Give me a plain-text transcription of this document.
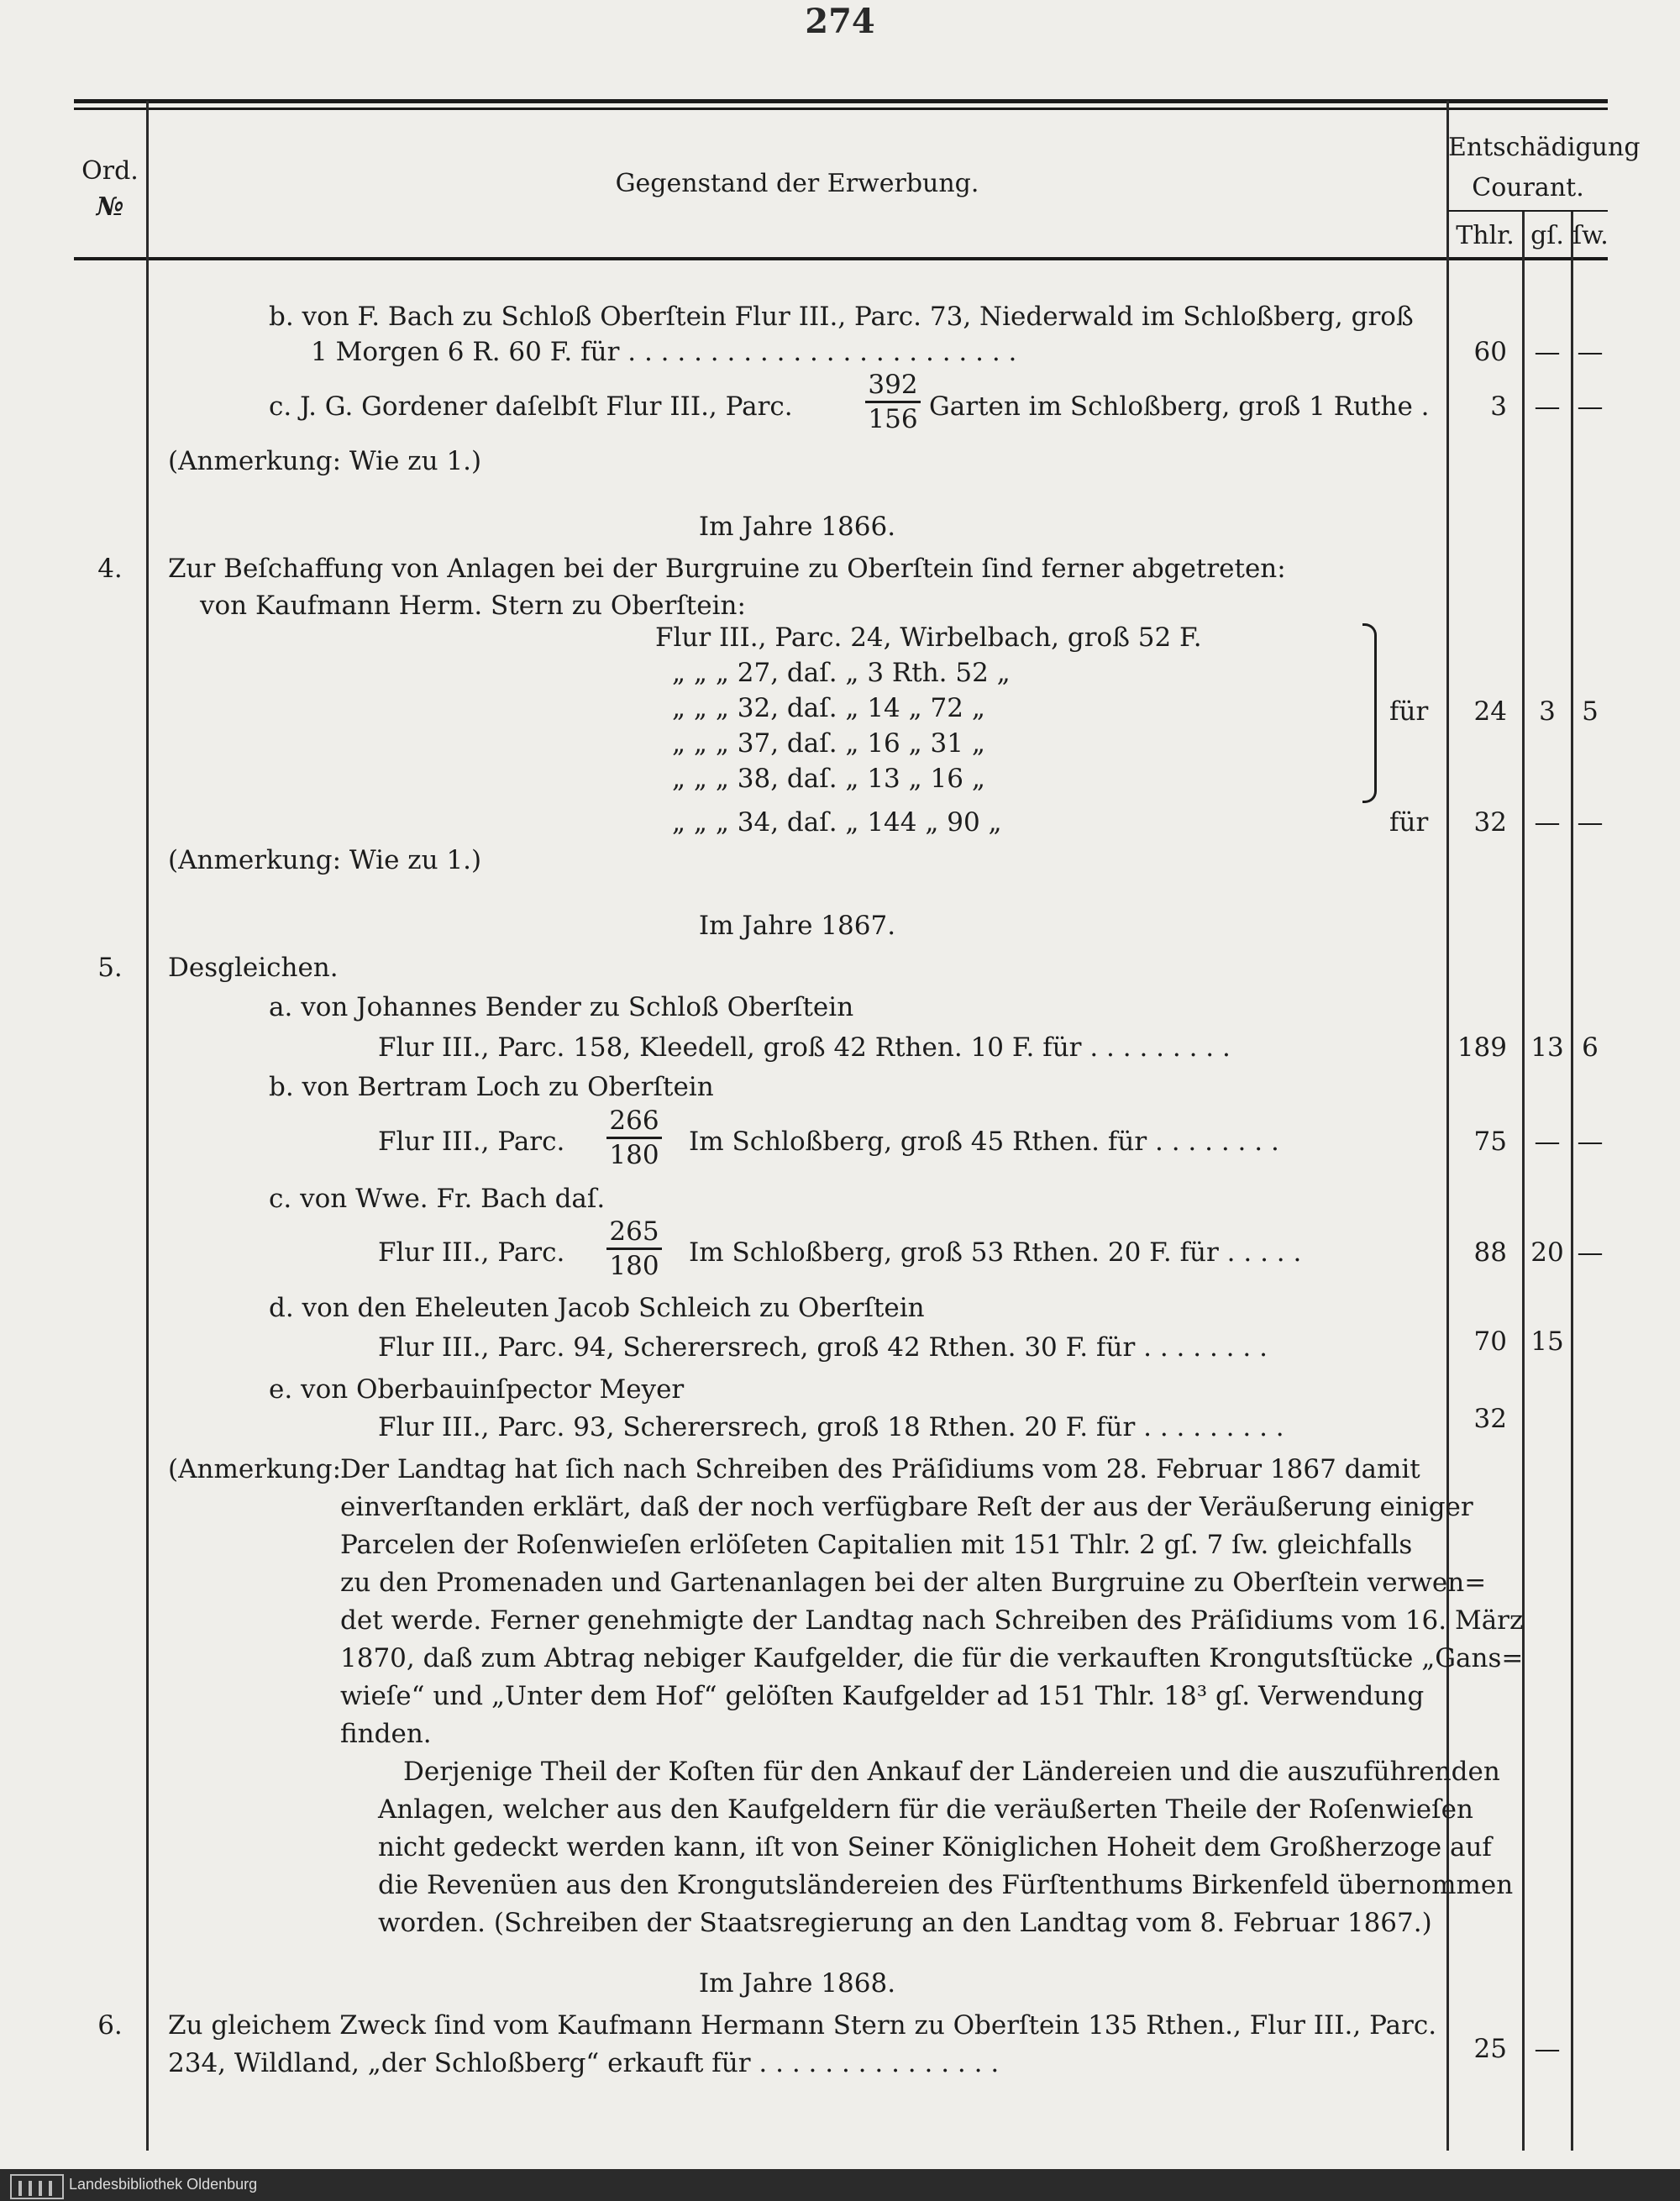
274
Ord.
№
Gegenstand der Erwerbung.
Entschädigung
Courant.
Thlr. gſ. ſw.
b. von F. Bach zu Schloß Oberſtein Flur III., Parc. 73, Niederwald im Schloßberg, groß
1 Morgen 6 R. 60 F. für . . . . . . . . . . . . . . . . . . . . . . . .	60	— —
c. J. G. Gordener daſelbſt Flur III., Parc.
392
156 Garten im Schloßberg, groß 1 Ruthe .	3	— —
(Anmerkung: Wie zu 1.)
Im Jahre 1866.
4.	Zur Beſchaffung von Anlagen bei der Burgruine zu Oberſtein ſind ferner abgetreten:
von Kaufmann Herm. Stern zu Oberſtein:
Flur III., Parc. 24, Wirbelbach, groß 52 F.
„ „ „ 27, daſ. „ 3 Rth. 52 „
„ „ „ 32, daſ. „ 14 „ 72 „
„ „ „ 37, daſ. „ 16 „ 31 „
„ „ „ 38, daſ. „ 13 „ 16 „
für	24	3	5
„ „ „ 34, daſ. „ 144 „ 90 „	für	32	— —
(Anmerkung: Wie zu 1.)
Im Jahre 1867.
5.	Desgleichen.
a. von Johannes Bender zu Schloß Oberſtein
Flur III., Parc. 158, Kleedell, groß 42 Rthen. 10 F. für . . . . . . . . .	189 13 6
b. von Bertram Loch zu Oberſtein
Flur III., Parc.
266
180 Im Schloßberg, groß 45 Rthen. für . . . . . . . .	75	— —
c. von Wwe. Fr. Bach daſ.
Flur III., Parc.
265
180 Im Schloßberg, groß 53 Rthen. 20 F. für . . . . .	88 20 —
d. von den Eheleuten Jacob Schleich zu Oberſtein
Flur III., Parc. 94, Scherersrech, groß 42 Rthen. 30 F. für . . . . . . . .	70 15
e. von Oberbauinſpector Meyer
Flur III., Parc. 93, Scherersrech, groß 18 Rthen. 20 F. für . . . . . . . . .	32
(Anmerkung:
Der Landtag hat ſich nach Schreiben des Präſidiums vom 28. Februar 1867 damit
einverſtanden erklärt, daß der noch verfügbare Reſt der aus der Veräußerung einiger
Parcelen der Roſenwieſen erlöſeten Capitalien mit 151 Thlr. 2 gſ. 7 ſw. gleichfalls
zu den Promenaden und Gartenanlagen bei der alten Burgruine zu Oberſtein verwen=
det werde. Ferner genehmigte der Landtag nach Schreiben des Präſidiums vom 16. März
1870, daß zum Abtrag nebiger Kaufgelder, die für die verkauften Krongutsſtücke „Gans=
wieſe“ und „Unter dem Hof“ gelöſten Kaufgelder ad 151 Thlr. 18³ gſ. Verwendung
finden.
Derjenige Theil der Koſten für den Ankauf der Ländereien und die auszuführenden
Anlagen, welcher aus den Kaufgeldern für die veräußerten Theile der Roſenwieſen
nicht gedeckt werden kann, iſt von Seiner Königlichen Hoheit dem Großherzoge auf
die Revenüen aus den Krongutsländereien des Fürſtenthums Birkenfeld übernommen
worden. (Schreiben der Staatsregierung an den Landtag vom 8. Februar 1867.)
Im Jahre 1868.
6.	Zu gleichem Zweck ſind vom Kaufmann Hermann Stern zu Oberſtein 135 Rthen., Flur III., Parc.
234, Wildland, „der Schloßberg“ erkauft für . . . . . . . . . . . . . . .	25	—
Landesbibliothek Oldenburg
